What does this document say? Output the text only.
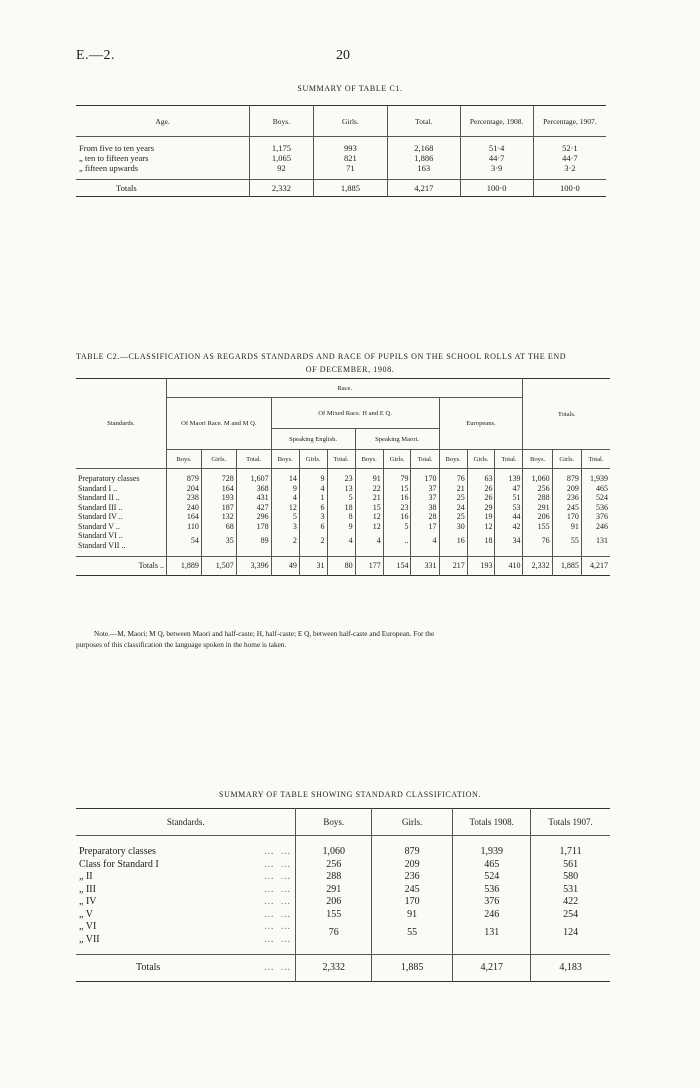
E.—2.	20
SUMMARY OF TABLE C1.
Age.	Boys.	Girls.	Total.	Percentage, 1908.	Percentage, 1907.

From five to ten years	1,175	993	2,168	51·4	52·1
„ ten to fifteen years	1,065	821	1,886	44·7	44·7
„ fifteen upwards	92	71	163	3·9	3·2

Totals	2,332	1,885	4,217	100·0	100·0
TABLE C2.—CLASSIFICATION AS REGARDS STANDARDS AND RACE OF PUPILS ON THE SCHOOL ROLLS AT THE END
OF DECEMBER, 1908.
Standards.	Race.												Totals.		
	Of Maori Race. M and M Q.			Of Mixed Race. H and E Q.						Europeans.					
				Speaking English.			Speaking Maori.								
	Boys.	Girls.	Total.	Boys.	Girls.	Total.	Boys.	Girls.	Total.	Boys.	Girls.	Total.	Boys.	Girls.	Total.

Preparatory classes	879	728	1,607	14	9	23	91	79	170	76	63	139	1,060	879	1,939
Standard I ..	204	164	368	9	4	13	22	15	37	21	26	47	256	209	465
Standard II ..	238	193	431	4	1	5	21	16	37	25	26	51	288	236	524
Standard III ..	240	187	427	12	6	18	15	23	38	24	29	53	291	245	536
Standard IV ..	164	132	296	5	3	8	12	16	28	25	19	44	206	170	376
Standard V ..	110	68	178	3	6	9	12	5	17	30	12	42	155	91	246
Standard VI ..	54	35	89	2	2	4	4	..	4	16	18	34	76	55	131
Standard VII ..															

Totals ..	1,889	1,507	3,396	49	31	80	177	154	331	217	193	410	2,332	1,885	4,217
Note.—M, Maori; M Q, between Maori and half-caste; H, half-caste; E Q, between half-caste and European. For the
purposes of this classification the language spoken in the home is taken.
SUMMARY OF TABLE SHOWING STANDARD CLASSIFICATION.
Standards.	Boys.	Girls.	Totals 1908.	Totals 1907.

Preparatory classes … …	1,060	879	1,939	1,711
Class for Standard I … …	256	209	465	561
„ II … …	288	236	524	580
„ III … …	291	245	536	531
„ IV … …	206	170	376	422
„ V … …	155	91	246	254
„ VI … …	76	55	131	124
„ VII … …				

Totals … …	2,332	1,885	4,217	4,183
